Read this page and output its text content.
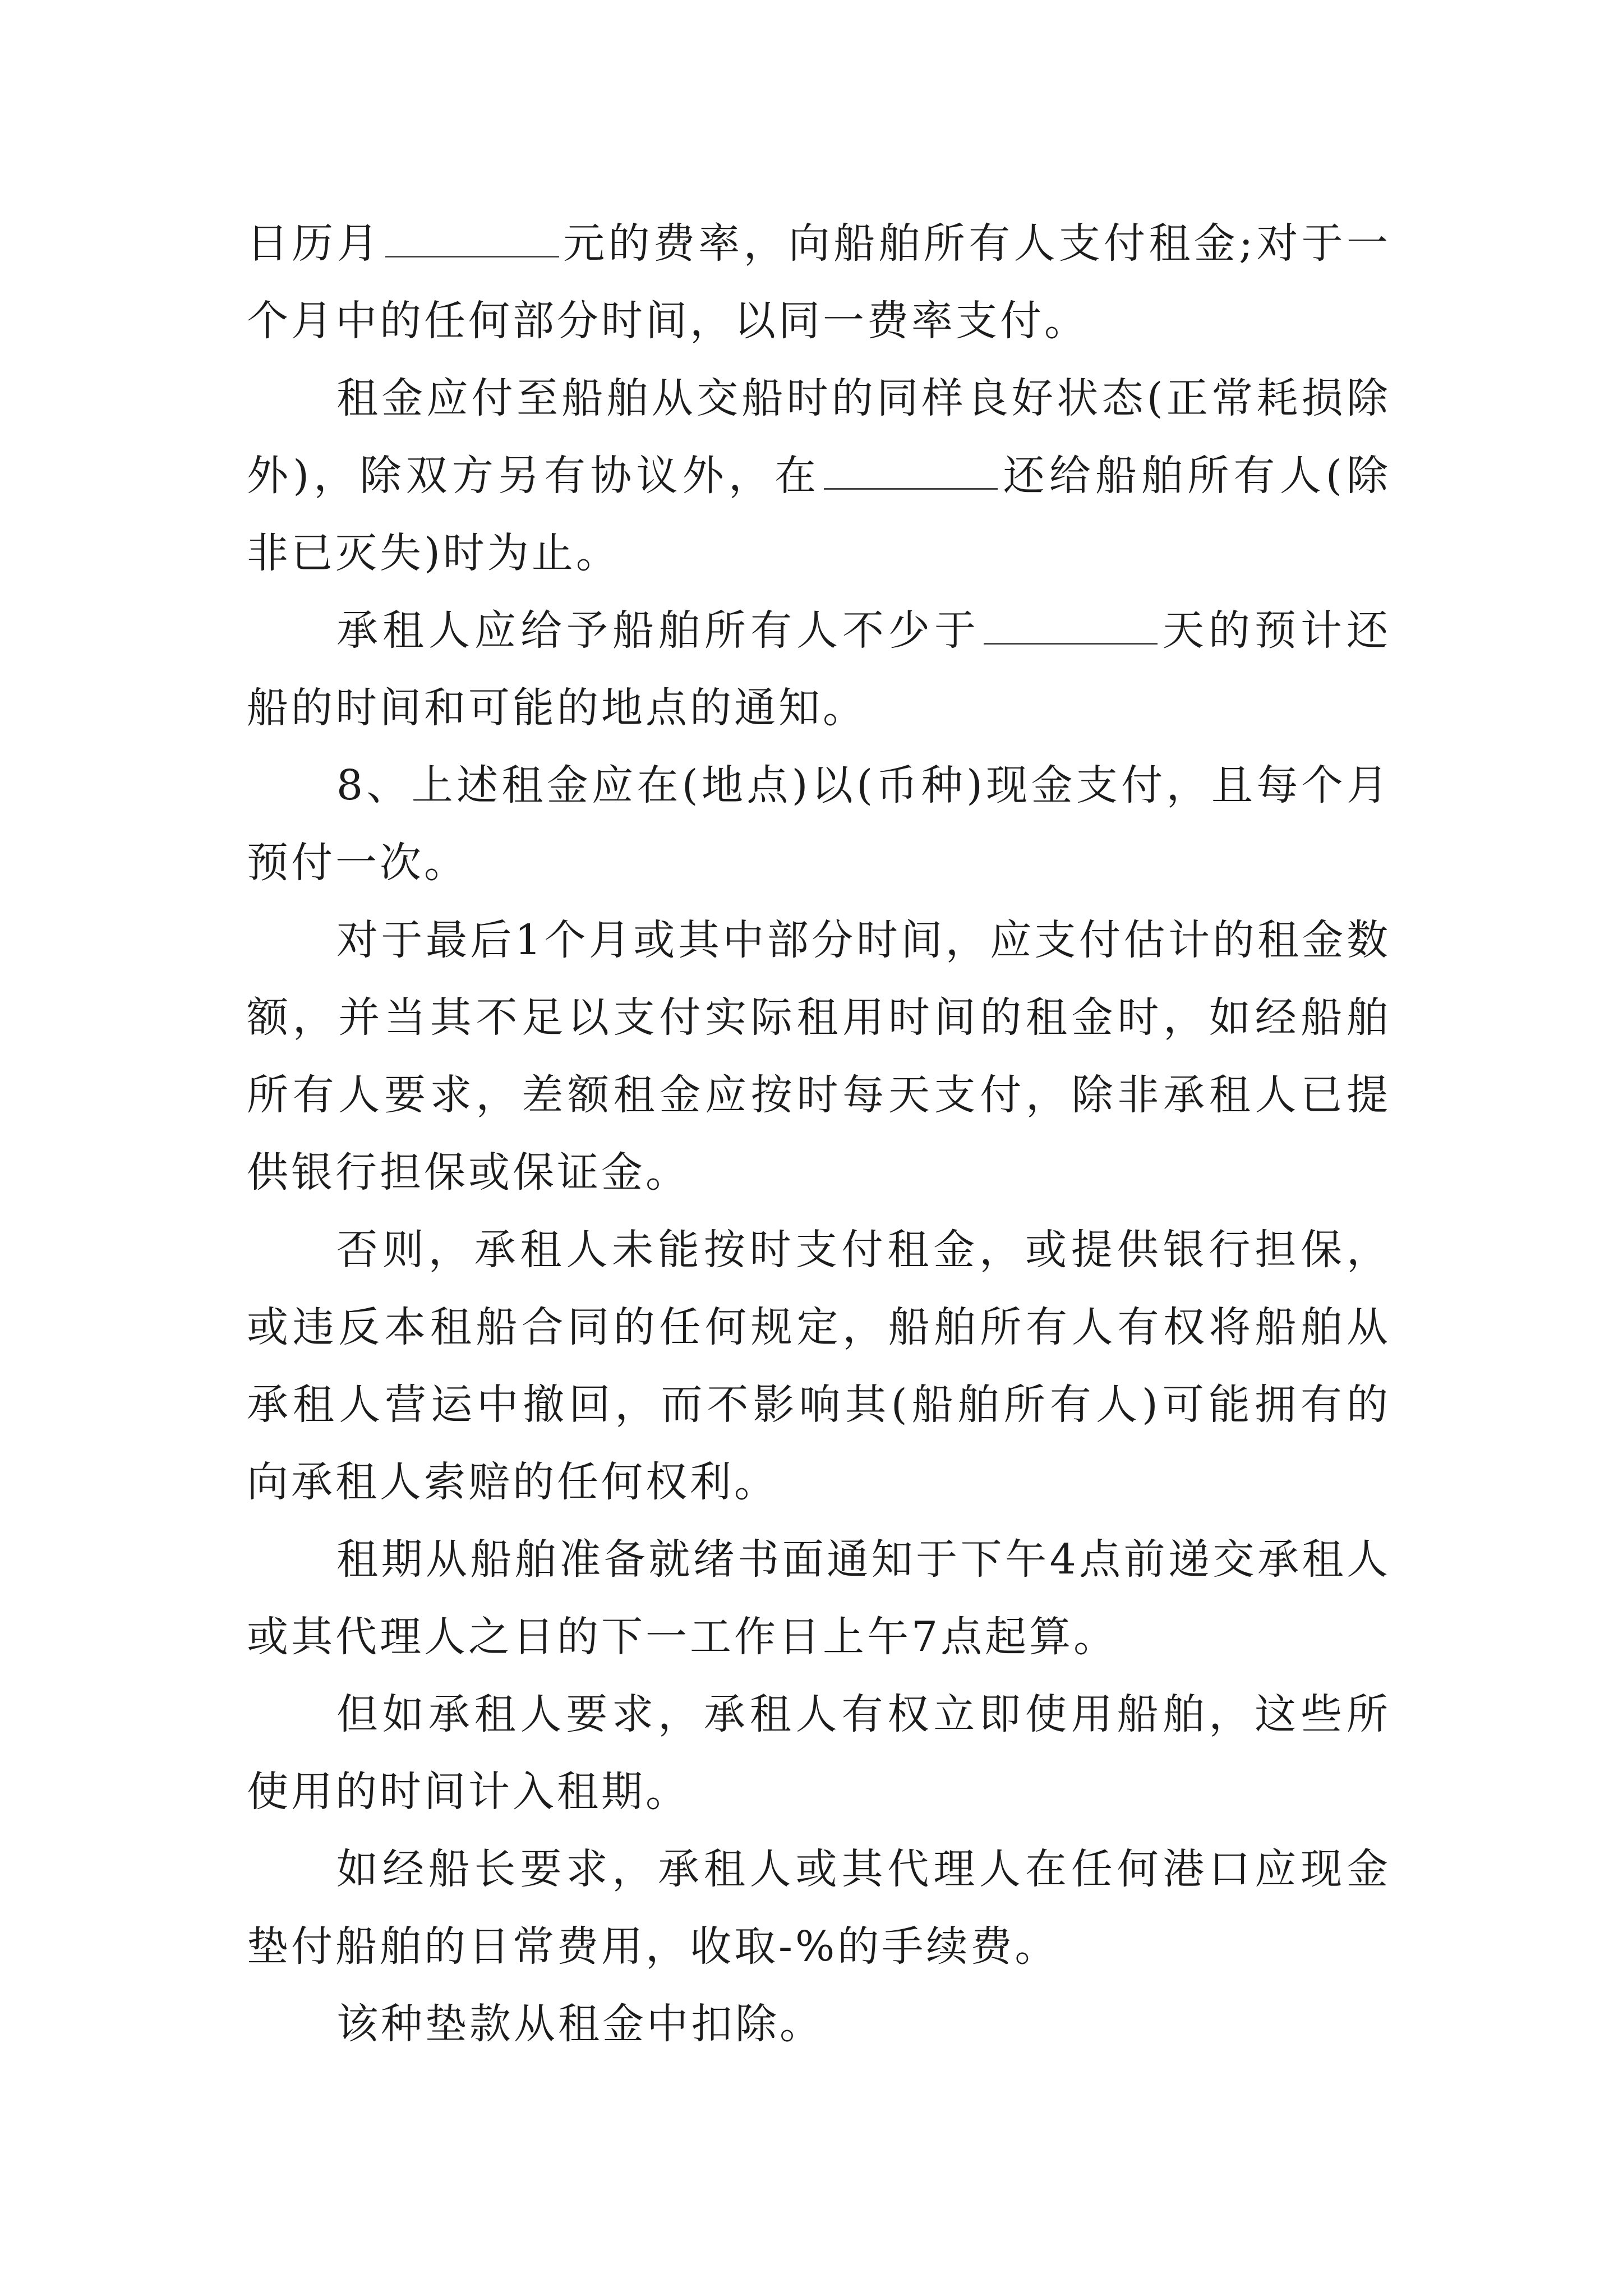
日历月	元的费率，向船舶所有人支付租金;对于一个月中的任何部分时间，以同一费率支付。

租金应付至船舶从交船时的同样良好状态(正常耗损除外)，除双方另有协议外，在	还给船舶所有人(除非已灭失)时为止。

承租人应给予船舶所有人不少于	天的预计还船的时间和可能的地点的通知。

8、上述租金应在(地点)以(币种)现金支付，且每个月预付一次。

对于最后1个月或其中部分时间，应支付估计的租金数额，并当其不足以支付实际租用时间的租金时，如经船舶所有人要求，差额租金应按时每天支付，除非承租人已提供银行担保或保证金。

否则，承租人未能按时支付租金，或提供银行担保，或违反本租船合同的任何规定，船舶所有人有权将船舶从承租人营运中撤回，而不影响其(船舶所有人)可能拥有的向承租人索赔的任何权利。

租期从船舶准备就绪书面通知于下午4点前递交承租人或其代理人之日的下一工作日上午7点起算。

但如承租人要求，承租人有权立即使用船舶，这些所使用的时间计入租期。

如经船长要求，承租人或其代理人在任何港口应现金垫付船舶的日常费用，收取-%的手续费。

该种垫款从租金中扣除。
